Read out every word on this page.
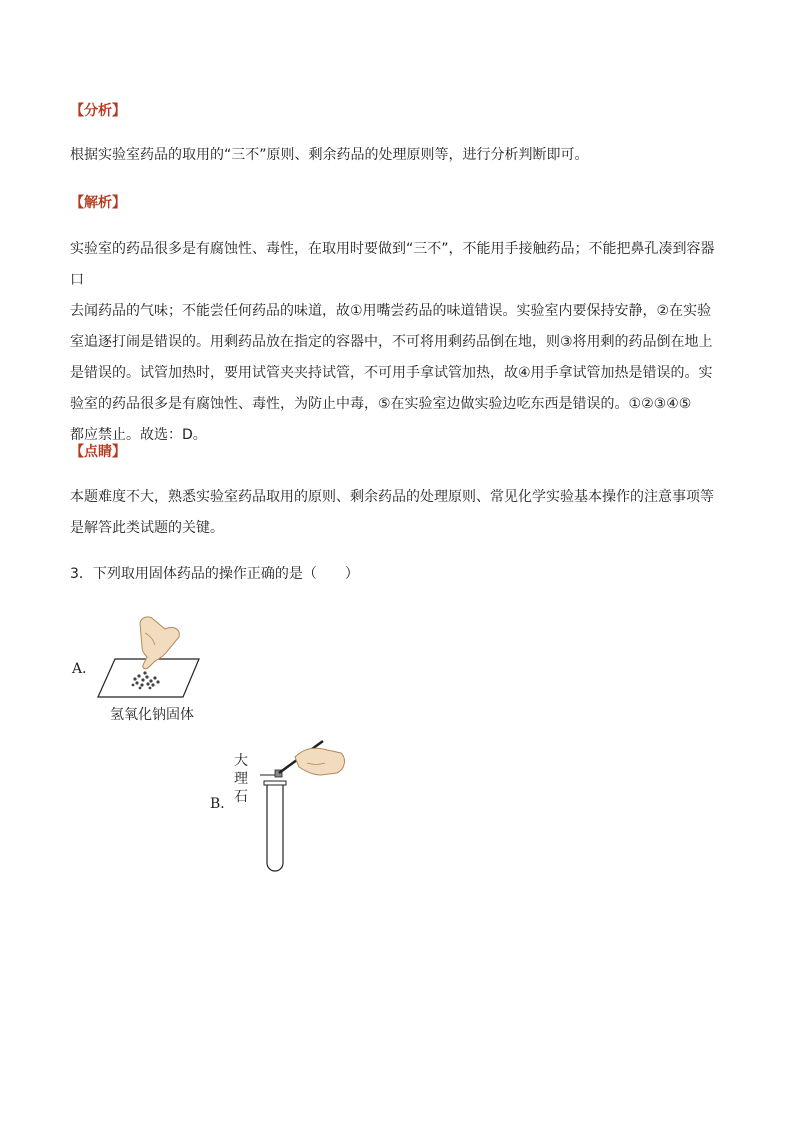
【分析】
根据实验室药品的取用的“三不”原则、剩余药品的处理原则等，进行分析判断即可。
【解析】
实验室的药品很多是有腐蚀性、毒性，在取用时要做到“三不”，不能用手接触药品；不能把鼻孔凑到容器口
去闻药品的气味；不能尝任何药品的味道，故①用嘴尝药品的味道错误。实验室内要保持安静，②在实验
室追逐打闹是错误的。用剩药品放在指定的容器中，不可将用剩药品倒在地，则③将用剩的药品倒在地上
是错误的。试管加热时，要用试管夹夹持试管，不可用手拿试管加热，故④用手拿试管加热是错误的。实
验室的药品很多是有腐蚀性、毒性，为防止中毒，⑤在实验室边做实验边吃东西是错误的。①②③④⑤
都应禁止。故选：D。
【点睛】
本题难度不大，熟悉实验室药品取用的原则、剩余药品的处理原则、常见化学实验基本操作的注意事项等
是解答此类试题的关键。
3．下列取用固体药品的操作正确的是（　　）
A．
氢氧化钠固体
大
理
石
B．
